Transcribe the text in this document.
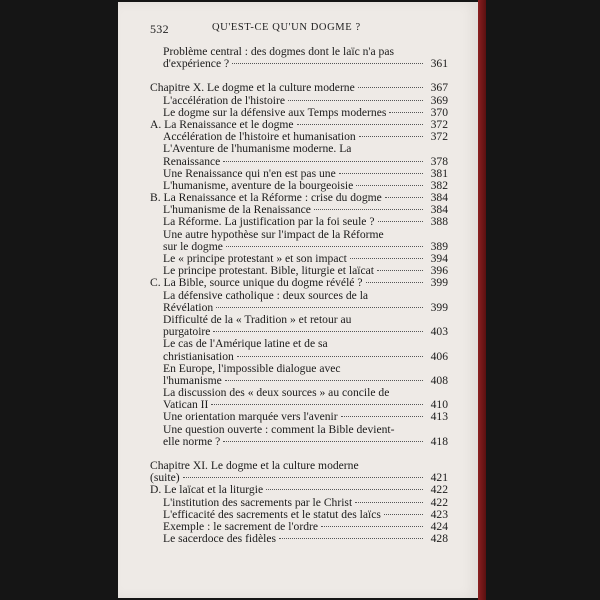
532	QU'EST-CE QU'UN DOGME ?
Problème central : des dogmes dont le laïc n'a pas
d'expérience ?	361
Chapitre X. Le dogme et la culture moderne	367
L'accélération de l'histoire	369
Le dogme sur la défensive aux Temps modernes	370
A. La Renaissance et le dogme	372
Accélération de l'histoire et humanisation	372
L'Aventure de l'humanisme moderne. La
Renaissance	378
Une Renaissance qui n'en est pas une	381
L'humanisme, aventure de la bourgeoisie	382
B. La Renaissance et la Réforme : crise du dogme	384
L'humanisme de la Renaissance	384
La Réforme. La justification par la foi seule ?	388
Une autre hypothèse sur l'impact de la Réforme
sur le dogme	389
Le « principe protestant » et son impact	394
Le principe protestant. Bible, liturgie et laïcat	396
C. La Bible, source unique du dogme révélé ?	399
La défensive catholique : deux sources de la
Révélation	399
Difficulté de la « Tradition » et retour au
purgatoire	403
Le cas de l'Amérique latine et de sa
christianisation	406
En Europe, l'impossible dialogue avec
l'humanisme	408
La discussion des « deux sources » au concile de
Vatican II	410
Une orientation marquée vers l'avenir	413
Une question ouverte : comment la Bible devient-
elle norme ?	418
Chapitre XI. Le dogme et la culture moderne
(suite)	421
D. Le laïcat et la liturgie	422
L'institution des sacrements par le Christ	422
L'efficacité des sacrements et le statut des laïcs	423
Exemple : le sacrement de l'ordre	424
Le sacerdoce des fidèles	428
